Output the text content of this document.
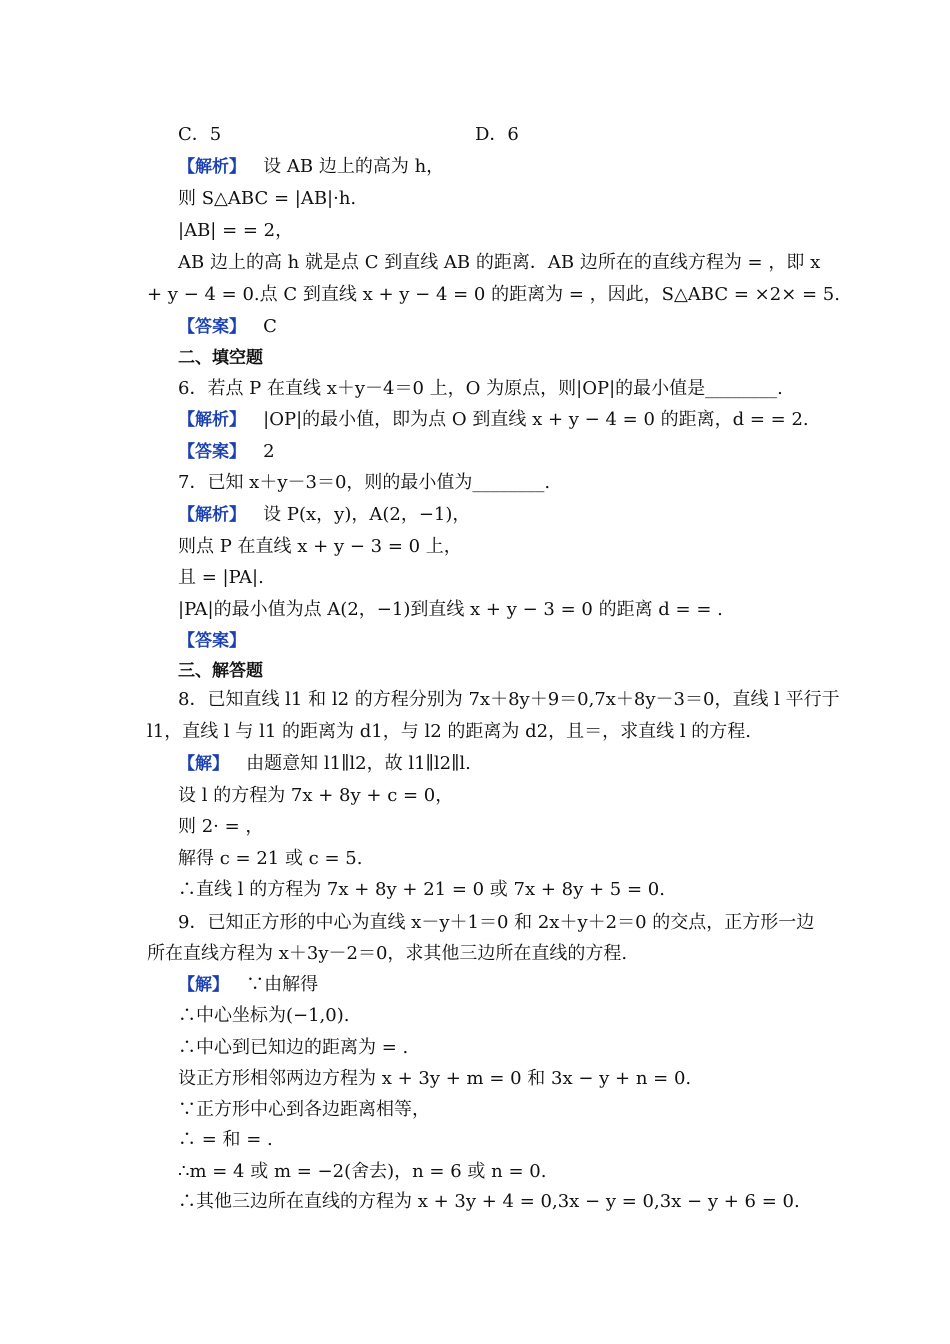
C．5	D．6
【解析】 设 AB 边上的高为 h，
则 S△ABC = |AB|·h.
|AB| = = 2，
AB 边上的高 h 就是点 C 到直线 AB 的距离．AB 边所在的直线方程为 = ，即 x
+ y − 4 = 0.点 C 到直线 x + y − 4 = 0 的距离为 = ，因此，S△ABC = ×2× = 5.
【答案】 C
二、填空题
6．若点 P 在直线 x＋y－4＝0 上，O 为原点，则|OP|的最小值是________.
【解析】 |OP|的最小值，即为点 O 到直线 x + y − 4 = 0 的距离，d = = 2.
【答案】 2
7．已知 x＋y－3＝0，则的最小值为________.
【解析】 设 P(x，y)，A(2，−1)，
则点 P 在直线 x + y − 3 = 0 上，
且 = |PA|.
|PA|的最小值为点 A(2，−1)到直线 x + y − 3 = 0 的距离 d = = .
【答案】
三、解答题
8．已知直线 l1 和 l2 的方程分别为 7x＋8y＋9＝0,7x＋8y－3＝0，直线 l 平行于
l1，直线 l 与 l1 的距离为 d1，与 l2 的距离为 d2，且＝，求直线 l 的方程.
【解】 由题意知 l1∥l2，故 l1∥l2∥l.
设 l 的方程为 7x + 8y + c = 0，
则 2· = ，
解得 c = 21 或 c = 5.
∴直线 l 的方程为 7x + 8y + 21 = 0 或 7x + 8y + 5 = 0.
9．已知正方形的中心为直线 x－y＋1＝0 和 2x＋y＋2＝0 的交点，正方形一边
所在直线方程为 x＋3y－2＝0，求其他三边所在直线的方程.
【解】 ∵由解得
∴中心坐标为(−1,0).
∴中心到已知边的距离为 = .
设正方形相邻两边方程为 x + 3y + m = 0 和 3x − y + n = 0.
∵正方形中心到各边距离相等，
∴ = 和 = .
∴m = 4 或 m = −2(舍去)，n = 6 或 n = 0.
∴其他三边所在直线的方程为 x + 3y + 4 = 0,3x − y = 0,3x − y + 6 = 0.
